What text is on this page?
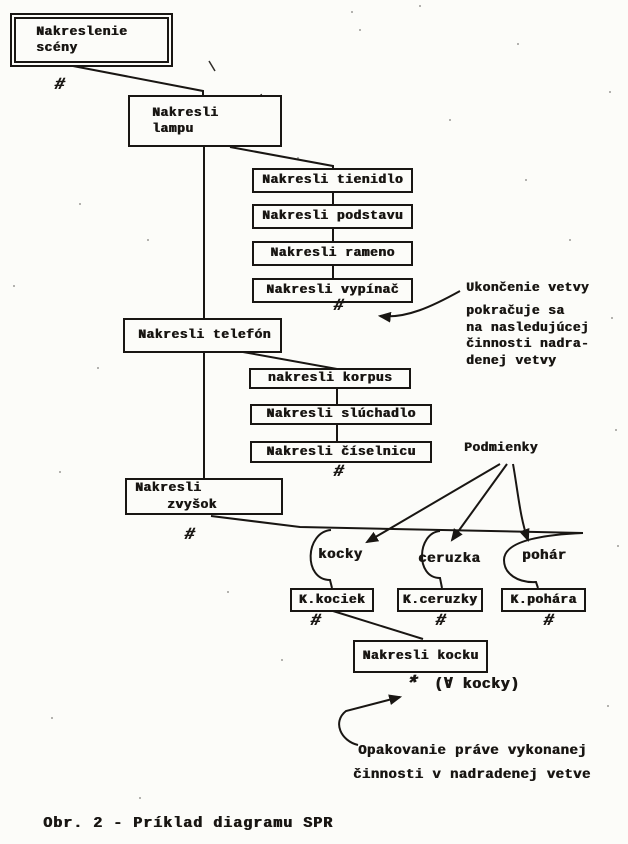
Nakreslenie
scény
#
Nakresli
lampu
Nakresli tienidlo
Nakresli podstavu
Nakresli rameno
Nakresli vypínač
#
Nakresli telefón
nakresli korpus
Nakresli slúchadlo
Nakresli číselnicu
#
Nakresli
zvyšok
#
kocky	ceruzka	pohár
K.kociek	K.ceruzky	K.pohára
#	#	#
Nakresli kocku
* (∀ kocky)
Ukončenie vetvy
pokračuje sa
na nasledujúcej
činnosti nadra-
denej vetvy
Podmienky
Opakovanie práve vykonanej
činnosti v nadradenej vetve
Obr. 2 - Príklad diagramu SPR
